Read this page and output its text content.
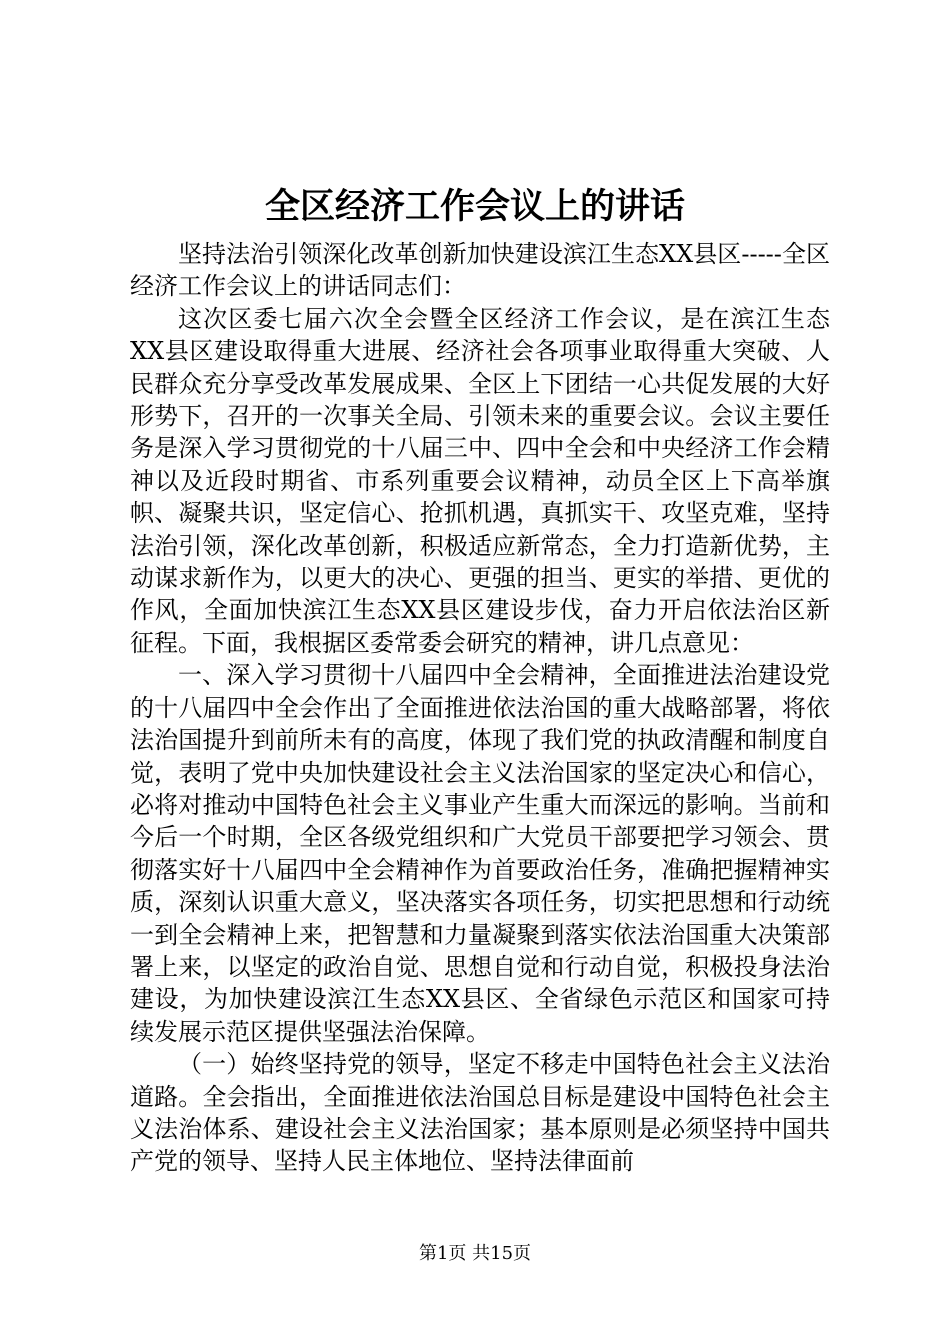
全区经济工作会议上的讲话

坚持法治引领深化改革创新加快建设滨江生态XX县区-----全区经济工作会议上的讲话同志们：

这次区委七届六次全会暨全区经济工作会议，是在滨江生态XX县区建设取得重大进展、经济社会各项事业取得重大突破、人民群众充分享受改革发展成果、全区上下团结一心共促发展的大好形势下，召开的一次事关全局、引领未来的重要会议。会议主要任务是深入学习贯彻党的十八届三中、四中全会和中央经济工作会精神以及近段时期省、市系列重要会议精神，动员全区上下高举旗帜、凝聚共识，坚定信心、抢抓机遇，真抓实干、攻坚克难，坚持法治引领，深化改革创新，积极适应新常态，全力打造新优势，主动谋求新作为，以更大的决心、更强的担当、更实的举措、更优的作风，全面加快滨江生态XX县区建设步伐，奋力开启依法治区新征程。下面，我根据区委常委会研究的精神，讲几点意见：

一、深入学习贯彻十八届四中全会精神，全面推进法治建设党的十八届四中全会作出了全面推进依法治国的重大战略部署，将依法治国提升到前所未有的高度，体现了我们党的执政清醒和制度自觉，表明了党中央加快建设社会主义法治国家的坚定决心和信心，必将对推动中国特色社会主义事业产生重大而深远的影响。当前和今后一个时期，全区各级党组织和广大党员干部要把学习领会、贯彻落实好十八届四中全会精神作为首要政治任务，准确把握精神实质，深刻认识重大意义，坚决落实各项任务，切实把思想和行动统一到全会精神上来，把智慧和力量凝聚到落实依法治国重大决策部署上来，以坚定的政治自觉、思想自觉和行动自觉，积极投身法治建设，为加快建设滨江生态XX县区、全省绿色示范区和国家可持续发展示范区提供坚强法治保障。

（一）始终坚持党的领导，坚定不移走中国特色社会主义法治道路。全会指出，全面推进依法治国总目标是建设中国特色社会主义法治体系、建设社会主义法治国家；基本原则是必须坚持中国共产党的领导、坚持人民主体地位、坚持法律面前

第1页 共15页
